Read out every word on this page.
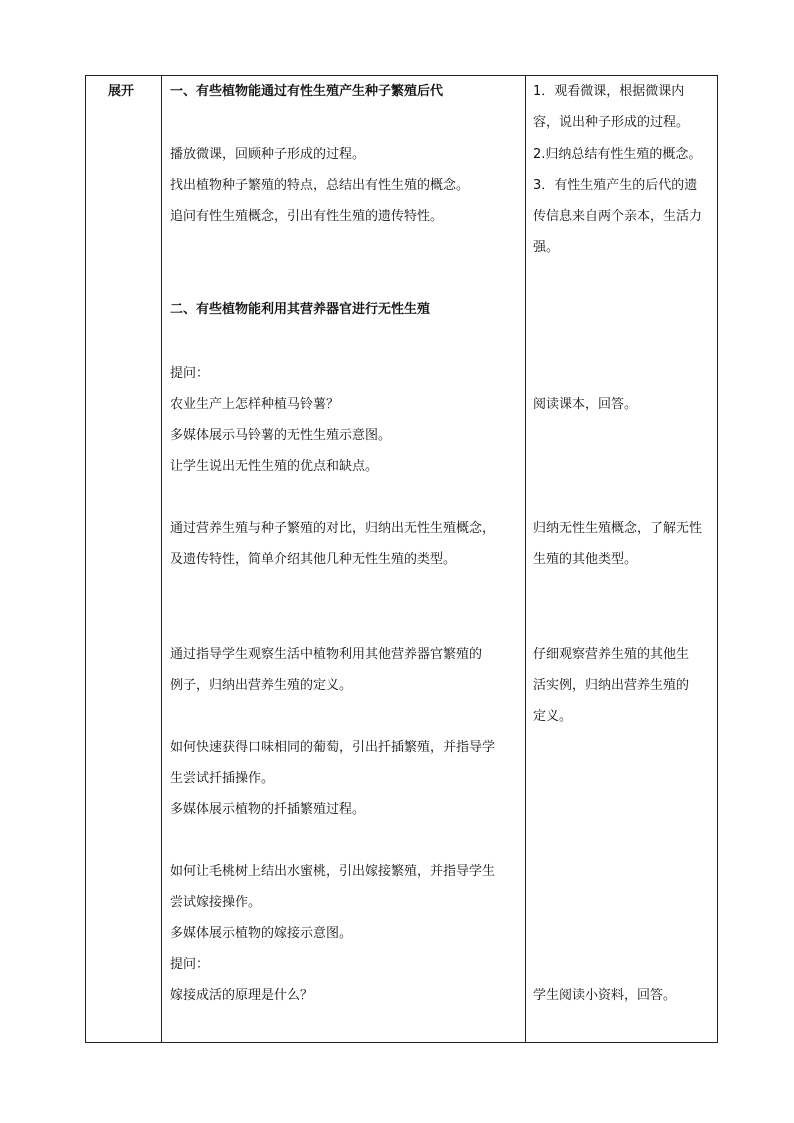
展开	一、有些植物能通过有性生殖产生种子繁殖后代
播放微课，回顾种子形成的过程。
找出植物种子繁殖的特点，总结出有性生殖的概念。
追问有性生殖概念，引出有性生殖的遗传特性。
二、有些植物能利用其营养器官进行无性生殖
提问：
农业生产上怎样种植马铃薯？
多媒体展示马铃薯的无性生殖示意图。
让学生说出无性生殖的优点和缺点。
通过营养生殖与种子繁殖的对比，归纳出无性生殖概念，
及遗传特性，简单介绍其他几种无性生殖的类型。
通过指导学生观察生活中植物利用其他营养器官繁殖的
例子，归纳出营养生殖的定义。
如何快速获得口味相同的葡萄，引出扦插繁殖，并指导学
生尝试扦插操作。
多媒体展示植物的扦插繁殖过程。
如何让毛桃树上结出水蜜桃，引出嫁接繁殖，并指导学生
尝试嫁接操作。
多媒体展示植物的嫁接示意图。
提问：
嫁接成活的原理是什么？
1．观看微课，根据微课内
容，说出种子形成的过程。
2.归纳总结有性生殖的概念。
3．有性生殖产生的后代的遗
传信息来自两个亲本，生活力
强。
阅读课本，回答。
归纳无性生殖概念，了解无性
生殖的其他类型。
仔细观察营养生殖的其他生
活实例，归纳出营养生殖的
定义。
学生阅读小资料，回答。
